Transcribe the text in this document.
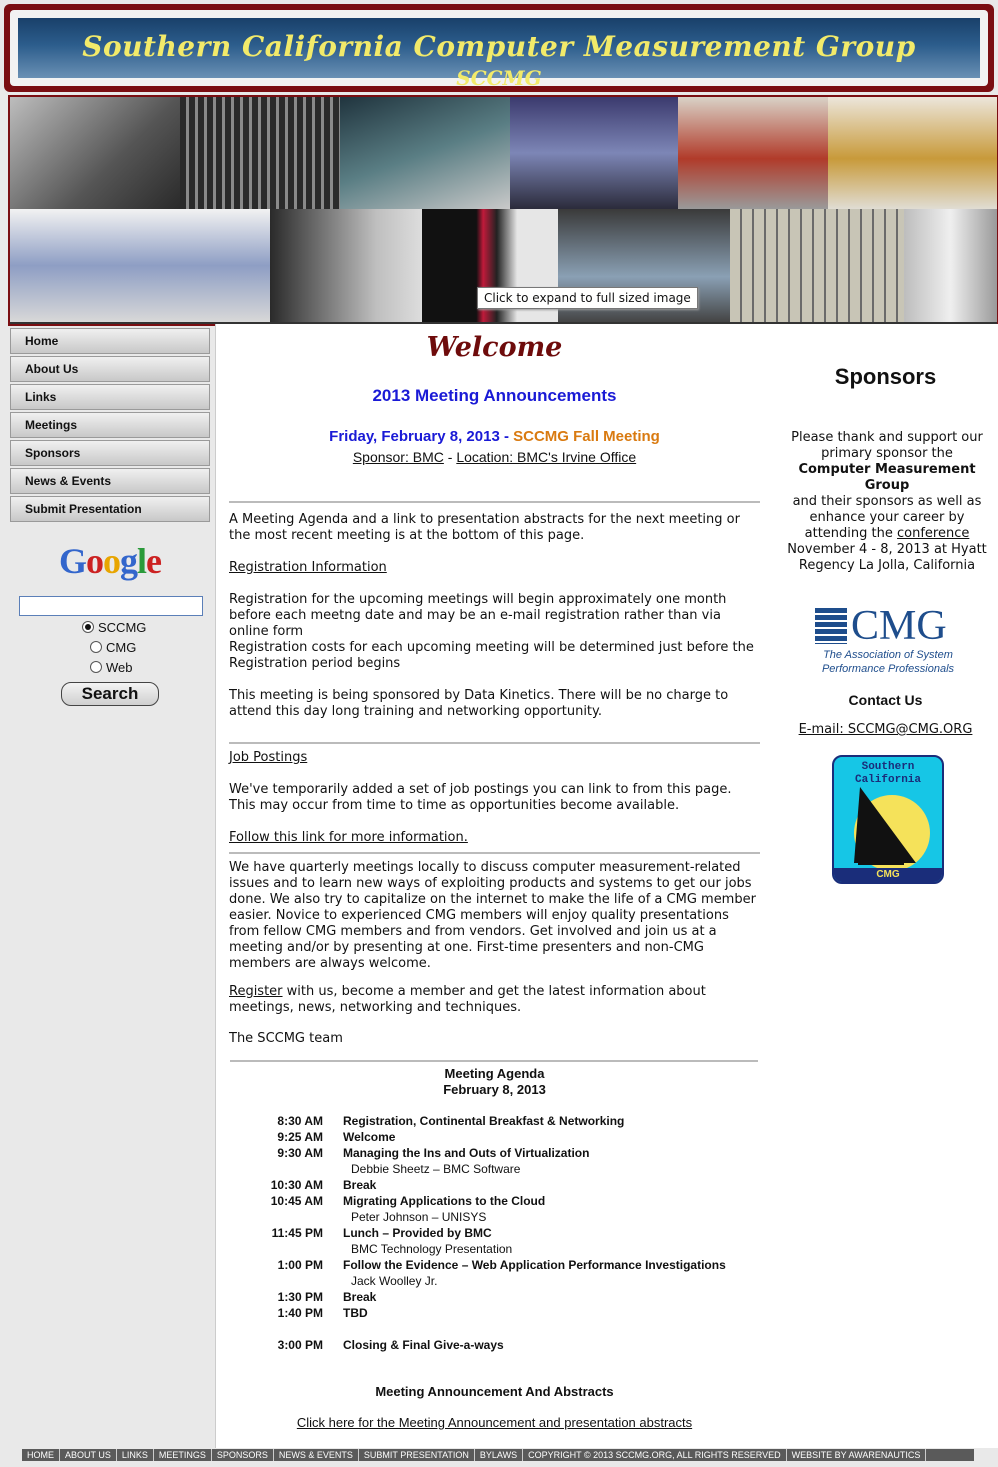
Southern California Computer Measurement Group
SCCMG
Click to expand to full sized image
Home
About Us
Links
Meetings
Sponsors
News & Events
Submit Presentation
Google
SCCMG
CMG
Web
Search
Welcome
2013 Meeting Announcements
Friday, February 8, 2013 - SCCMG Fall Meeting
Sponsor: BMC - Location: BMC's Irvine Office
A Meeting Agenda and a link to presentation abstracts for the next meeting or the most recent meeting is at the bottom of this page.
Registration Information
Registration for the upcoming meetings will begin approximately one month before each meetng date and may be an e-mail registration rather than via online form
Registration costs for each upcoming meeting will be determined just before the Registration period begins
This meeting is being sponsored by Data Kinetics. There will be no charge to attend this day long training and networking opportunity.
Job Postings
We've temporarily added a set of job postings you can link to from this page. This may occur from time to time as opportunities become available.
Follow this link for more information.
We have quarterly meetings locally to discuss computer measurement-related issues and to learn new ways of exploiting products and systems to get our jobs done. We also try to capitalize on the internet to make the life of a CMG member easier. Novice to experienced CMG members will enjoy quality presentations from fellow CMG members and from vendors. Get involved and join us at a meeting and/or by presenting at one. First-time presenters and non-CMG members are always welcome.
Register with us, become a member and get the latest information about meetings, news, networking and techniques.
The SCCMG team
Meeting Agenda
February 8, 2013
8:30 AM Registration, Continental Breakfast & Networking
9:25 AM Welcome
9:30 AM Managing the Ins and Outs of Virtualization
Debbie Sheetz – BMC Software
10:30 AM Break
10:45 AM Migrating Applications to the Cloud
Peter Johnson – UNISYS
11:45 PM Lunch – Provided by BMC
BMC Technology Presentation
1:00 PM Follow the Evidence – Web Application Performance Investigations
Jack Woolley Jr.
1:30 PM Break
1:40 PM TBD
3:00 PM Closing & Final Give-a-ways
Meeting Announcement And Abstracts
Click here for the Meeting Announcement and presentation abstracts
Sponsors
Please thank and support our primary sponsor the
Computer Measurement Group
and their sponsors as well as enhance your career by attending the conference
November 4 - 8, 2013 at Hyatt Regency La Jolla, California
CMG
The Association of System
Performance Professionals
Contact Us
E-mail: SCCMG@CMG.ORG
Southern
California
CMG
HOME ABOUT US LINKS MEETINGS SPONSORS NEWS & EVENTS SUBMIT PRESENTATION BYLAWS COPYRIGHT © 2013 SCCMG.ORG, ALL RIGHTS RESERVED WEBSITE BY AWARENAUTICS
